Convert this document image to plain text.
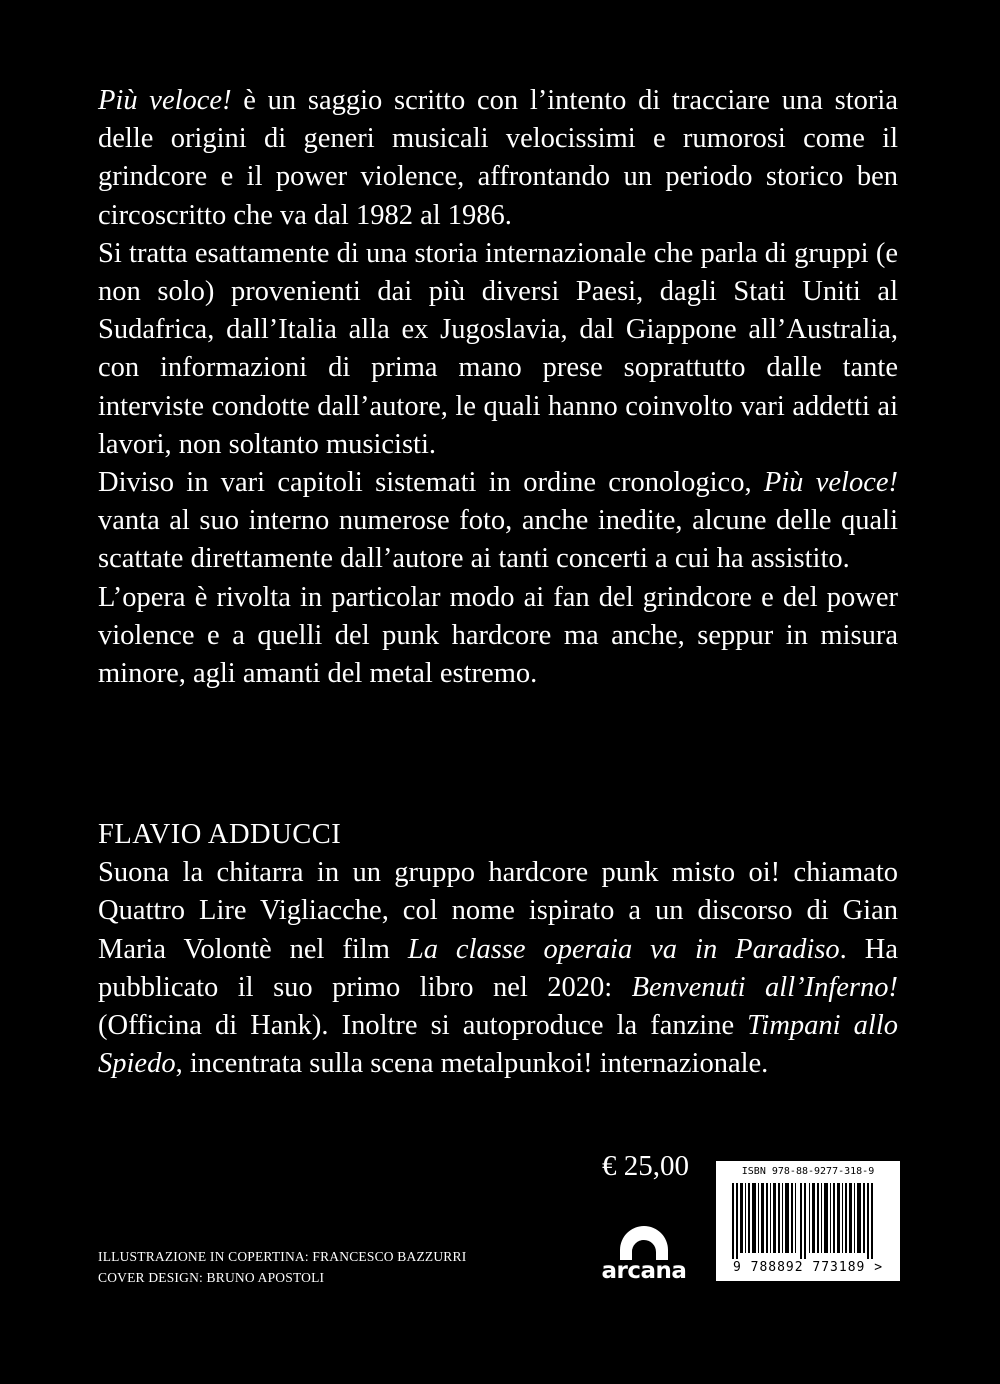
Più veloce! è un saggio scritto con l’intento di tracciare una storia delle origini di generi musicali velocissimi e rumorosi come il grindcore e il power violence, affrontando un periodo storico ben circoscritto che va dal 1982 al 1986.

Si tratta esattamente di una storia internazionale che parla di gruppi (e non solo) provenienti dai più diversi Paesi, dagli Stati Uniti al Sudafrica, dall’Italia alla ex Jugoslavia, dal Giappone all’Australia, con informazioni di prima mano prese soprattutto dalle tante interviste condotte dall’autore, le quali hanno coinvolto vari addetti ai lavori, non soltanto musicisti.

Diviso in vari capitoli sistemati in ordine cronologico, Più veloce! vanta al suo interno numerose foto, anche inedite, alcune delle quali scattate direttamente dall’autore ai tanti concerti a cui ha assistito.

L’opera è rivolta in particolar modo ai fan del grindcore e del power violence e a quelli del punk hardcore ma anche, seppur in misura minore, agli amanti del metal estremo.

FLAVIO ADDUCCI

Suona la chitarra in un gruppo hardcore punk misto oi! chiamato Quattro Lire Vigliacche, col nome ispirato a un discorso di Gian Maria Volontè nel film La classe operaia va in Paradiso. Ha pubblicato il suo primo libro nel 2020: Benvenuti all’Inferno! (Officina di Hank). Inoltre si autoproduce la fanzine Timpani allo Spiedo, incentrata sulla scena metalpunkoi! internazionale.

€ 25,00
ILLUSTRAZIONE IN COPERTINA: FRANCESCO BAZZURRI
COVER DESIGN: BRUNO APOSTOLI	arcana
ISBN 978-88-9277-318-9
9 788892 773189 >
